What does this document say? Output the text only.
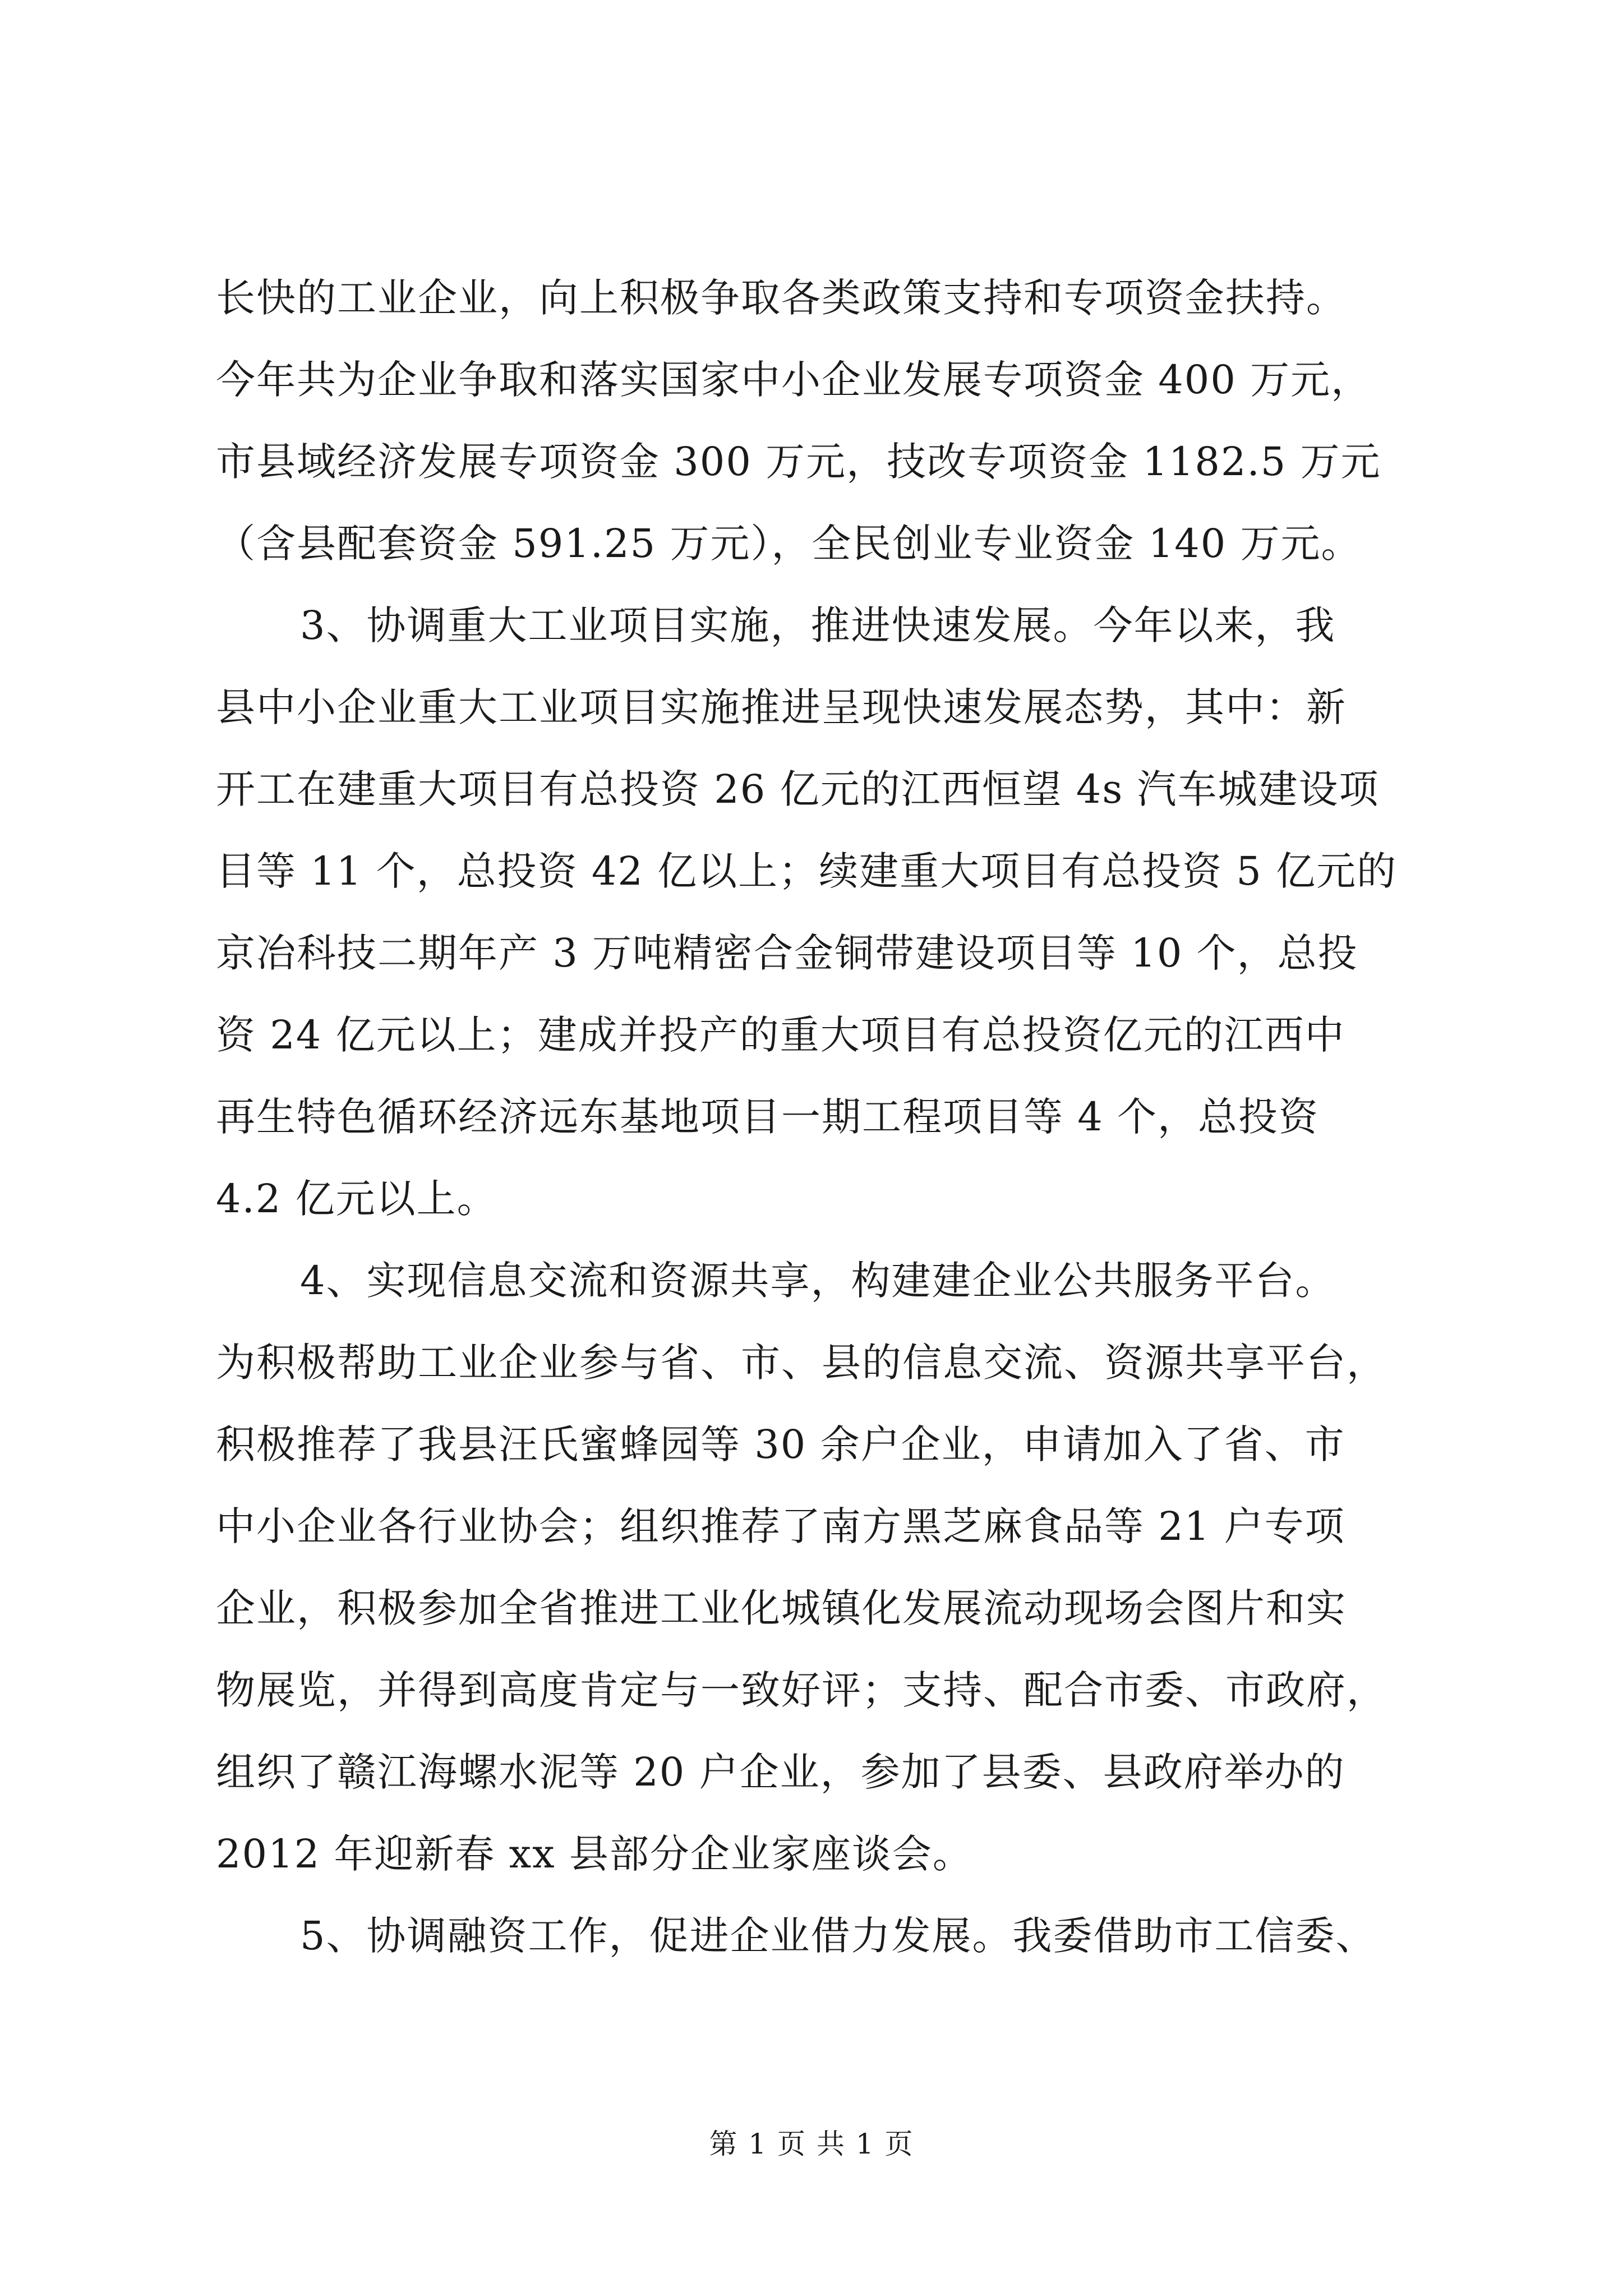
长快的工业企业，向上积极争取各类政策支持和专项资金扶持。
今年共为企业争取和落实国家中小企业发展专项资金 400 万元，
市县域经济发展专项资金 300 万元，技改专项资金 1182.5 万元
（含县配套资金 591.25 万元），全民创业专业资金 140 万元。
3、协调重大工业项目实施，推进快速发展。今年以来，我
县中小企业重大工业项目实施推进呈现快速发展态势，其中：新
开工在建重大项目有总投资 26 亿元的江西恒望 4s 汽车城建设项
目等 11 个，总投资 42 亿以上；续建重大项目有总投资 5 亿元的
京冶科技二期年产 3 万吨精密合金铜带建设项目等 10 个，总投
资 24 亿元以上；建成并投产的重大项目有总投资亿元的江西中
再生特色循环经济远东基地项目一期工程项目等 4 个，总投资
4.2 亿元以上。
4、实现信息交流和资源共享，构建建企业公共服务平台。
为积极帮助工业企业参与省、市、县的信息交流、资源共享平台，
积极推荐了我县汪氏蜜蜂园等 30 余户企业，申请加入了省、市
中小企业各行业协会；组织推荐了南方黑芝麻食品等 21 户专项
企业，积极参加全省推进工业化城镇化发展流动现场会图片和实
物展览，并得到高度肯定与一致好评；支持、配合市委、市政府，
组织了赣江海螺水泥等 20 户企业，参加了县委、县政府举办的
2012 年迎新春 xx 县部分企业家座谈会。
5、协调融资工作，促进企业借力发展。我委借助市工信委、
第 1 页 共 1 页
